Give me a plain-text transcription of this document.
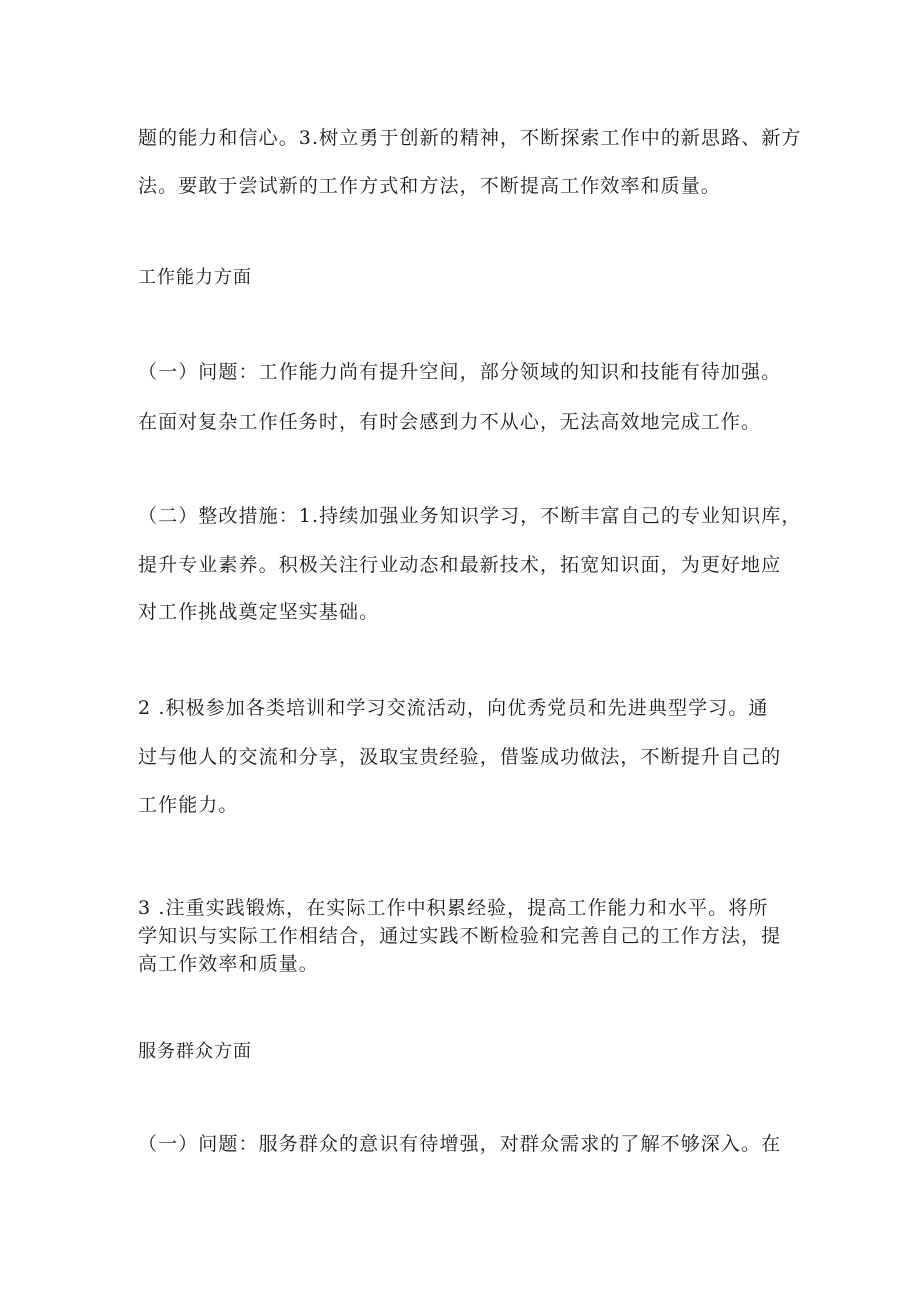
题的能力和信心。3.树立勇于创新的精神，不断探索工作中的新思路、新方
法。要敢于尝试新的工作方式和方法，不断提高工作效率和质量。
工作能力方面
（一）问题：工作能力尚有提升空间，部分领域的知识和技能有待加强。
在面对复杂工作任务时，有时会感到力不从心，无法高效地完成工作。
（二）整改措施：1.持续加强业务知识学习，不断丰富自己的专业知识库，
提升专业素养。积极关注行业动态和最新技术，拓宽知识面，为更好地应
对工作挑战奠定坚实基础。
2 .积极参加各类培训和学习交流活动，向优秀党员和先进典型学习。通
过与他人的交流和分享，汲取宝贵经验，借鉴成功做法，不断提升自己的
工作能力。
3 .注重实践锻炼，在实际工作中积累经验，提高工作能力和水平。将所
学知识与实际工作相结合，通过实践不断检验和完善自己的工作方法，提
高工作效率和质量。
服务群众方面
（一）问题：服务群众的意识有待增强，对群众需求的了解不够深入。在
